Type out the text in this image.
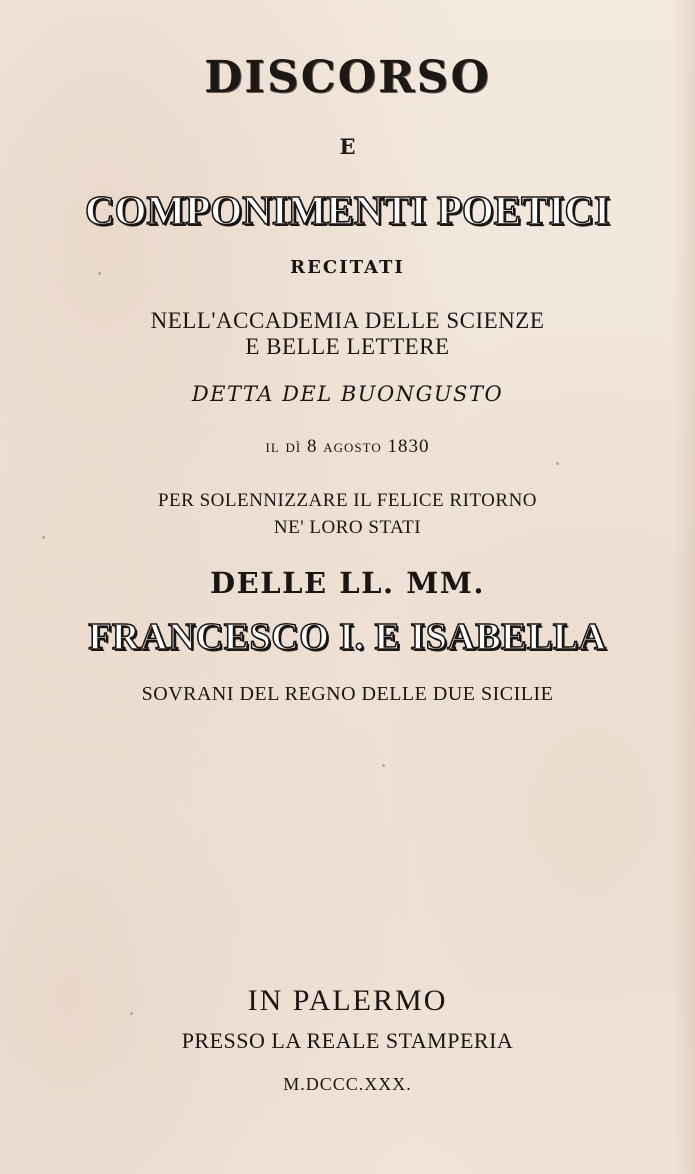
DISCORSO
E
COMPONIMENTI POETICI
RECITATI
NELL'ACCADEMIA DELLE SCIENZE
E BELLE LETTERE
DETTA DEL BUONGUSTO
il dì 8 agosto 1830
PER SOLENNIZZARE IL FELICE RITORNO
NE' LORO STATI
DELLE LL. MM.
FRANCESCO I. E ISABELLA
SOVRANI DEL REGNO DELLE DUE SICILIE
IN PALERMO
PRESSO LA REALE STAMPERIA
M.DCCC.XXX.
